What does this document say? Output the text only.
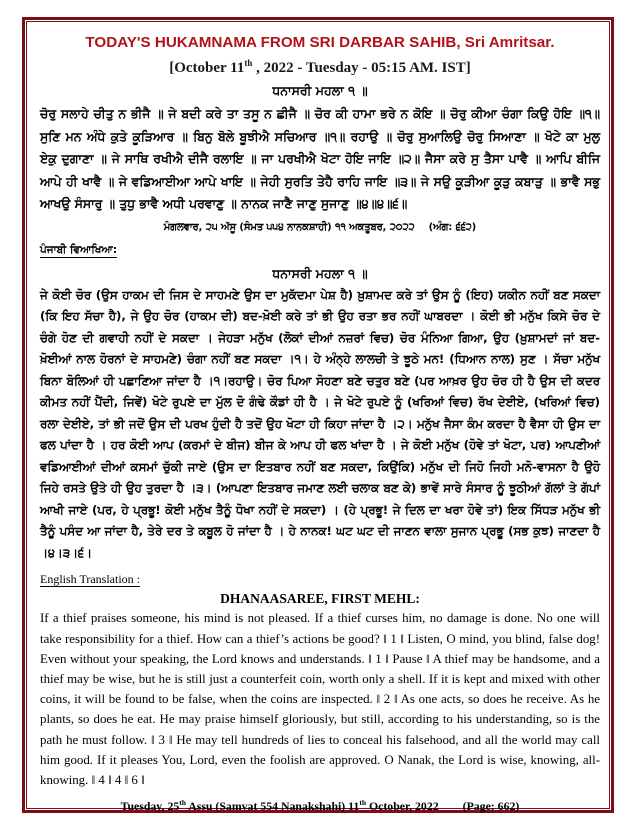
TODAY'S HUKAMNAMA FROM SRI DARBAR SAHIB, Sri Amritsar.
[October 11th , 2022 - Tuesday - 05:15 AM. IST]
ਧਨਾਸਰੀ ਮਹਲਾ ੧ ॥
ਚੋਰੁ ਸਲਾਹੇ ਚੀਤੁ ਨ ਭੀਜੈ ॥ ਜੇ ਬਦੀ ਕਰੇ ਤਾ ਤਸੂ ਨ ਛੀਜੈ ॥ ਚੋਰ ਕੀ ਹਾਮਾ ਭਰੇ ਨ ਕੋਇ ॥ ਚੋਰੁ ਕੀਆ ਚੰਗਾ ਕਿਉ ਹੋਇ ॥੧॥ ਸੁਣਿ ਮਨ ਅੰਧੇ ਕੁਤੇ ਕੂੜਿਆਰ ॥ ਬਿਨੁ ਬੋਲੇ ਬੂਝੀਐ ਸਚਿਆਰ ॥੧॥ ਰਹਾਉ ॥ ਚੋਰੁ ਸੁਆਲਿਉ ਚੋਰੁ ਸਿਆਣਾ ॥ ਖੋਟੇ ਕਾ ਮੁਲੁ ਏਕੁ ਦੁਗਾਣਾ ॥ ਜੇ ਸਾਥਿ ਰਖੀਐ ਦੀਜੈ ਰਲਾਇ ॥ ਜਾ ਪਰਖੀਐ ਖੋਟਾ ਹੋਇ ਜਾਇ ॥੨॥ ਜੈਸਾ ਕਰੇ ਸੁ ਤੈਸਾ ਪਾਵੈ ॥ ਆਪਿ ਬੀਜਿ ਆਪੇ ਹੀ ਖਾਵੈ ॥ ਜੇ ਵਡਿਆਈਆ ਆਪੇ ਖਾਇ ॥ ਜੇਹੀ ਸੁਰਤਿ ਤੇਹੈ ਰਾਹਿ ਜਾਇ ॥੩॥ ਜੇ ਸਉ ਕੂੜੀਆ ਕੂੜੁ ਕਬਾੜੁ ॥ ਭਾਵੈ ਸਭੁ ਆਖਉ ਸੰਸਾਰੁ ॥ ਤੁਧੁ ਭਾਵੈ ਅਧੀ ਪਰਵਾਣੁ ॥ ਨਾਨਕ ਜਾਣੈ ਜਾਣੁ ਸੁਜਾਣੁ ॥੪॥੪॥੬॥
ਮੰਗਲਵਾਰ, ੨੫ ਅੱਸੂ (ਸੰਮਤ ੫੫੪ ਨਾਨਕਸ਼ਾਹੀ) ੧੧ ਅਕਤੂਬਰ, ੨੦੨੨ (ਅੰਗ: ੬੬੨)
ਪੰਜਾਬੀ ਵਿਆਖਿਆ:
ਧਨਾਸਰੀ ਮਹਲਾ ੧ ॥
ਜੇ ਕੋਈ ਚੋਰ (ਉਸ ਹਾਕਮ ਦੀ ਜਿਸ ਦੇ ਸਾਹਮਣੇ ਉਸ ਦਾ ਮੁਕੱਦਮਾ ਪੇਸ਼ ਹੈ) ਖ਼ੁਸ਼ਾਮਦ ਕਰੇ ਤਾਂ ਉਸ ਨੂੰ (ਇਹ) ਯਕੀਨ ਨਹੀਂ ਬਣ ਸਕਦਾ (ਕਿ ਇਹ ਸੱਚਾ ਹੈ), ਜੇ ਉਹ ਚੋਰ (ਹਾਕਮ ਦੀ) ਬਦ-ਖ਼ੋਈ ਕਰੇ ਤਾਂ ਭੀ ਉਹ ਰਤਾ ਭਰ ਨਹੀਂ ਘਾਬਰਦਾ । ਕੋਈ ਭੀ ਮਨੁੱਖ ਕਿਸੇ ਚੋਰ ਦੇ ਚੰਗੇ ਹੋਣ ਦੀ ਗਵਾਹੀ ਨਹੀਂ ਦੇ ਸਕਦਾ । ਜੇਹੜਾ ਮਨੁੱਖ (ਲੋਕਾਂ ਦੀਆਂ ਨਜ਼ਰਾਂ ਵਿਚ) ਚੋਰ ਮੰਨਿਆ ਗਿਆ, ਉਹ (ਖ਼ੁਸ਼ਾਮਦਾਂ ਜਾਂ ਬਦ-ਖ਼ੋਈਆਂ ਨਾਲ ਹੋਰਨਾਂ ਦੇ ਸਾਹਮਣੇ) ਚੰਗਾ ਨਹੀਂ ਬਣ ਸਕਦਾ ।੧। ਹੇ ਅੰਨ੍ਹੇ ਲਾਲਚੀ ਤੇ ਝੂਠੇ ਮਨ! (ਧਿਆਨ ਨਾਲ) ਸੁਣ । ਸੱਚਾ ਮਨੁੱਖ ਬਿਨਾ ਬੋਲਿਆਂ ਹੀ ਪਛਾਣਿਆ ਜਾਂਦਾ ਹੈ ।੧।ਰਹਾਉ। ਚੋਰ ਪਿਆ ਸੋਹਣਾ ਬਣੇ ਚਤੁਰ ਬਣੇ (ਪਰ ਆਖ਼ਰ ਉਹ ਚੋਰ ਹੀ ਹੈ ਉਸ ਦੀ ਕਦਰ ਕੀਮਤ ਨਹੀਂ ਪੈਂਦੀ, ਜਿਵੇਂ) ਖੋਟੇ ਰੁਪਏ ਦਾ ਮੁੱਲ ਦੋ ਗੰਢੇ ਕੌਡਾਂ ਹੀ ਹੈ । ਜੇ ਖੋਟੇ ਰੁਪਏ ਨੂੰ (ਖਰਿਆਂ ਵਿਚ) ਰੱਖ ਦੇਈਏ, (ਖਰਿਆਂ ਵਿਚ) ਰਲਾ ਦੇਈਏ, ਤਾਂ ਭੀ ਜਦੋਂ ਉਸ ਦੀ ਪਰਖ ਹੁੰਦੀ ਹੈ ਤਦੋਂ ਉਹ ਖੋਟਾ ਹੀ ਕਿਹਾ ਜਾਂਦਾ ਹੈ ।੨। ਮਨੁੱਖ ਜੈਸਾ ਕੰਮ ਕਰਦਾ ਹੈ ਵੈਸਾ ਹੀ ਉਸ ਦਾ ਫਲ ਪਾਂਦਾ ਹੈ । ਹਰ ਕੋਈ ਆਪ (ਕਰਮਾਂ ਦੇ ਬੀਜ) ਬੀਜ ਕੇ ਆਪ ਹੀ ਫਲ ਖਾਂਦਾ ਹੈ । ਜੇ ਕੋਈ ਮਨੁੱਖ (ਹੋਵੇ ਤਾਂ ਖੋਟਾ, ਪਰ) ਆਪਣੀਆਂ ਵਡਿਆਈਆਂ ਦੀਆਂ ਕਸਮਾਂ ਚੁੱਕੀ ਜਾਏ (ਉਸ ਦਾ ਇਤਬਾਰ ਨਹੀਂ ਬਣ ਸਕਦਾ, ਕਿਉਂਕਿ) ਮਨੁੱਖ ਦੀ ਜਿਹੋ ਜਿਹੀ ਮਨੋ-ਵਾਸਨਾ ਹੈ ਉਹੋ ਜਿਹੇ ਰਸਤੇ ਉਤੇ ਹੀ ਉਹ ਤੁਰਦਾ ਹੈ ।੩। (ਆਪਣਾ ਇਤਬਾਰ ਜਮਾਣ ਲਈ ਚਲਾਕ ਬਣ ਕੇ) ਭਾਵੇਂ ਸਾਰੇ ਸੰਸਾਰ ਨੂੰ ਝੂਠੀਆਂ ਗੱਲਾਂ ਤੇ ਗੱਪਾਂ ਆਖੀ ਜਾਏ (ਪਰ, ਹੇ ਪ੍ਰਭੂ! ਕੋਈ ਮਨੁੱਖ ਤੈਨੂੰ ਧੋਖਾ ਨਹੀਂ ਦੇ ਸਕਦਾ) । (ਹੇ ਪ੍ਰਭੂ! ਜੇ ਦਿਲ ਦਾ ਖਰਾ ਹੋਵੇ ਤਾਂ) ਇਕ ਸਿੱਧੜ ਮਨੁੱਖ ਭੀ ਤੈਨੂੰ ਪਸੰਦ ਆ ਜਾਂਦਾ ਹੈ, ਤੇਰੇ ਦਰ ਤੇ ਕਬੂਲ ਹੋ ਜਾਂਦਾ ਹੈ । ਹੇ ਨਾਨਕ! ਘਟ ਘਟ ਦੀ ਜਾਣਨ ਵਾਲਾ ਸੁਜਾਨ ਪ੍ਰਭੂ (ਸਭ ਕੁਝ) ਜਾਣਦਾ ਹੈ ।੪।੩।੬।
English Translation :
DHANAASAREE, FIRST MEHL:
If a thief praises someone, his mind is not pleased. If a thief curses him, no damage is done. No one will take responsibility for a thief. How can a thief’s actions be good? ‖ 1 ‖ Listen, O mind, you blind, false dog! Even without your speaking, the Lord knows and understands. ‖ 1 ‖ Pause ‖ A thief may be handsome, and a thief may be wise, but he is still just a counterfeit coin, worth only a shell. If it is kept and mixed with other coins, it will be found to be false, when the coins are inspected. ‖ 2 ‖ As one acts, so does he receive. As he plants, so does he eat. He may praise himself gloriously, but still, according to his understanding, so is the path he must follow. ‖ 3 ‖ He may tell hundreds of lies to conceal his falsehood, and all the world may call him good. If it pleases You, Lord, even the foolish are approved. O Nanak, the Lord is wise, knowing, all-knowing. ‖ 4 ‖ 4 ‖ 6 ‖
Tuesday, 25th Assu (Samvat 554 Nanakshahi) 11th October, 2022 (Page: 662)
